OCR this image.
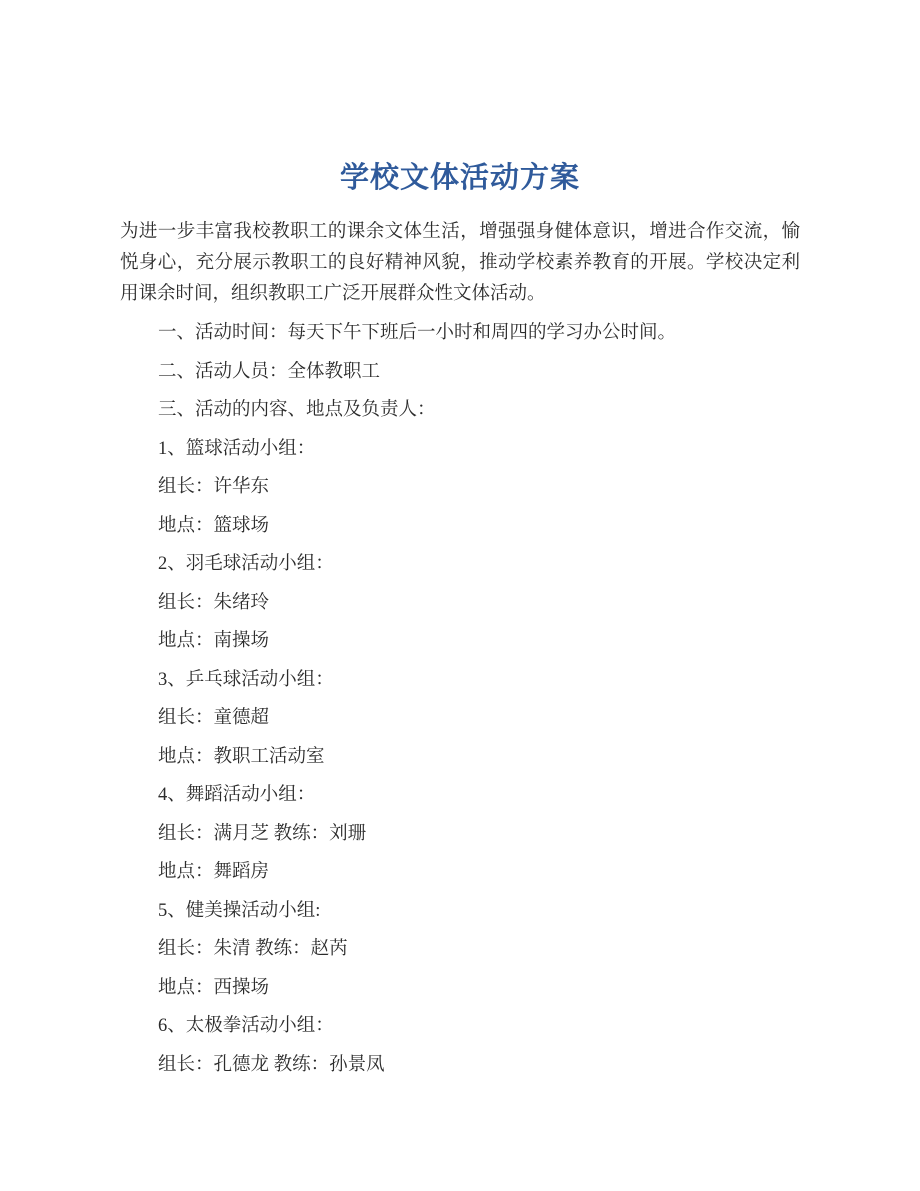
学校文体活动方案

为进一步丰富我校教职工的课余文体生活，增强强身健体意识，增进合作交流，愉悦身心，充分展示教职工的良好精神风貌，推动学校素养教育的开展。学校决定利用课余时间，组织教职工广泛开展群众性文体活动。

一、活动时间：每天下午下班后一小时和周四的学习办公时间。

二、活动人员：全体教职工

三、活动的内容、地点及负责人：

1、篮球活动小组：

组长：许华东

地点：篮球场

2、羽毛球活动小组：

组长：朱绪玲

地点：南操场

3、乒乓球活动小组：

组长：童德超

地点：教职工活动室

4、舞蹈活动小组：

组长：满月芝 教练：刘珊

地点：舞蹈房

5、健美操活动小组:

组长：朱清 教练：赵芮

地点：西操场

6、太极拳活动小组：

组长：孔德龙 教练：孙景凤
